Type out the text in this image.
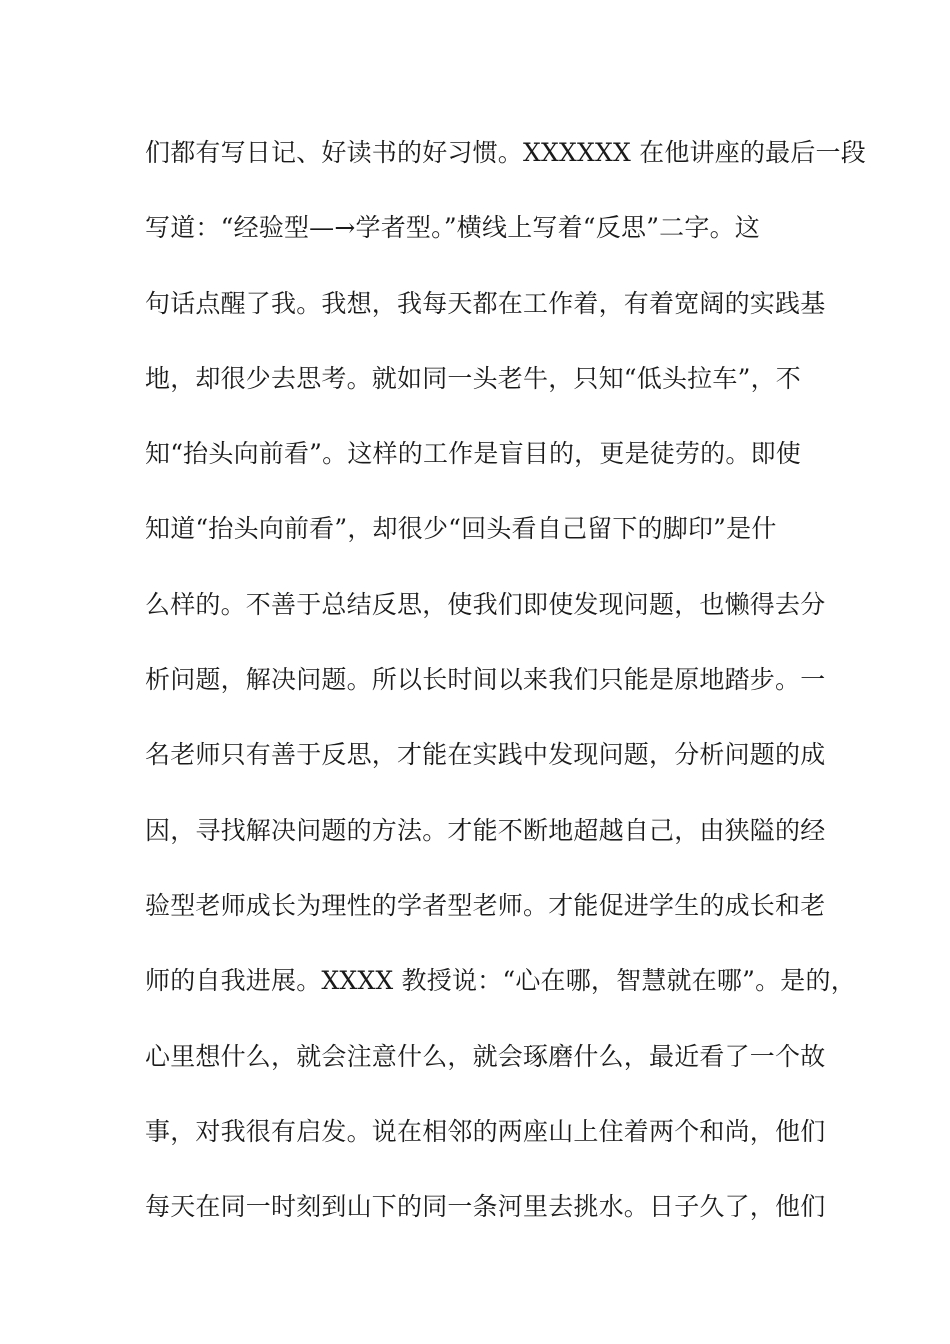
们都有写日记、好读书的好习惯。XXXXXX 在他讲座的最后一段
写道：“经验型—→学者型。”横线上写着“反思”二字。这
句话点醒了我。我想，我每天都在工作着，有着宽阔的实践基
地，却很少去思考。就如同一头老牛，只知“低头拉车”，不
知“抬头向前看”。这样的工作是盲目的，更是徒劳的。即使
知道“抬头向前看”，却很少“回头看自己留下的脚印”是什
么样的。不善于总结反思，使我们即使发现问题，也懒得去分
析问题，解决问题。所以长时间以来我们只能是原地踏步。一
名老师只有善于反思，才能在实践中发现问题，分析问题的成
因，寻找解决问题的方法。才能不断地超越自己，由狭隘的经
验型老师成长为理性的学者型老师。才能促进学生的成长和老
师的自我进展。XXXX 教授说：“心在哪，智慧就在哪”。是的，
心里想什么，就会注意什么，就会琢磨什么，最近看了一个故
事，对我很有启发。说在相邻的两座山上住着两个和尚，他们
每天在同一时刻到山下的同一条河里去挑水。日子久了，他们
